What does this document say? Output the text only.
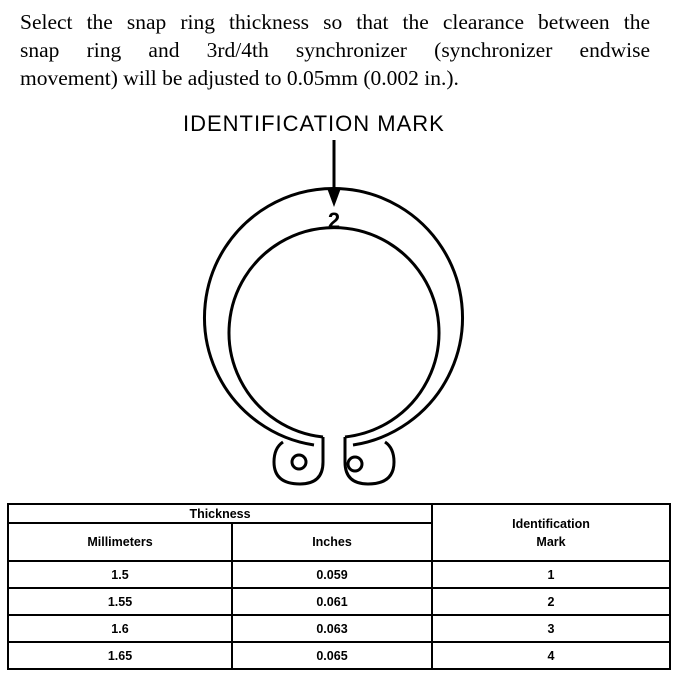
Select the snap ring thickness so that the clearance between the
snap ring and 3rd/4th synchronizer (synchronizer endwise
movement) will be adjusted to 0.05mm (0.002 in.).
IDENTIFICATION MARK
2
Thickness		Identification
Mark
Millimeters	Inches	
1.5	0.059	1
1.55	0.061	2
1.6	0.063	3
1.65	0.065	4
